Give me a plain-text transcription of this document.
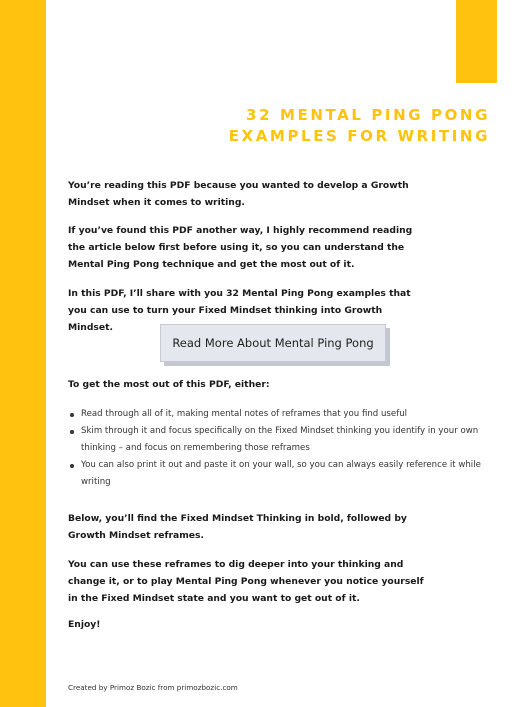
32 MENTAL PING PONG
EXAMPLES FOR WRITING

You’re reading this PDF because you wanted to develop a Growth Mindset when it comes to writing.

If you’ve found this PDF another way, I highly recommend reading the article below first before using it, so you can understand the Mental Ping Pong technique and get the most out of it.

In this PDF, I’ll share with you 32 Mental Ping Pong examples that you can use to turn your Fixed Mindset thinking into Growth Mindset.

Read More About Mental Ping Pong

To get the most out of this PDF, either:

Read through all of it, making mental notes of reframes that you find useful
Skim through it and focus specifically on the Fixed Mindset thinking you identify in your own thinking – and focus on remembering those reframes
You can also print it out and paste it on your wall, so you can always easily reference it while writing

Below, you’ll find the Fixed Mindset Thinking in bold, followed by Growth Mindset reframes.

You can use these reframes to dig deeper into your thinking and change it, or to play Mental Ping Pong whenever you notice yourself in the Fixed Mindset state and you want to get out of it.

Enjoy!

Created by Primoz Bozic from primozbozic.com
